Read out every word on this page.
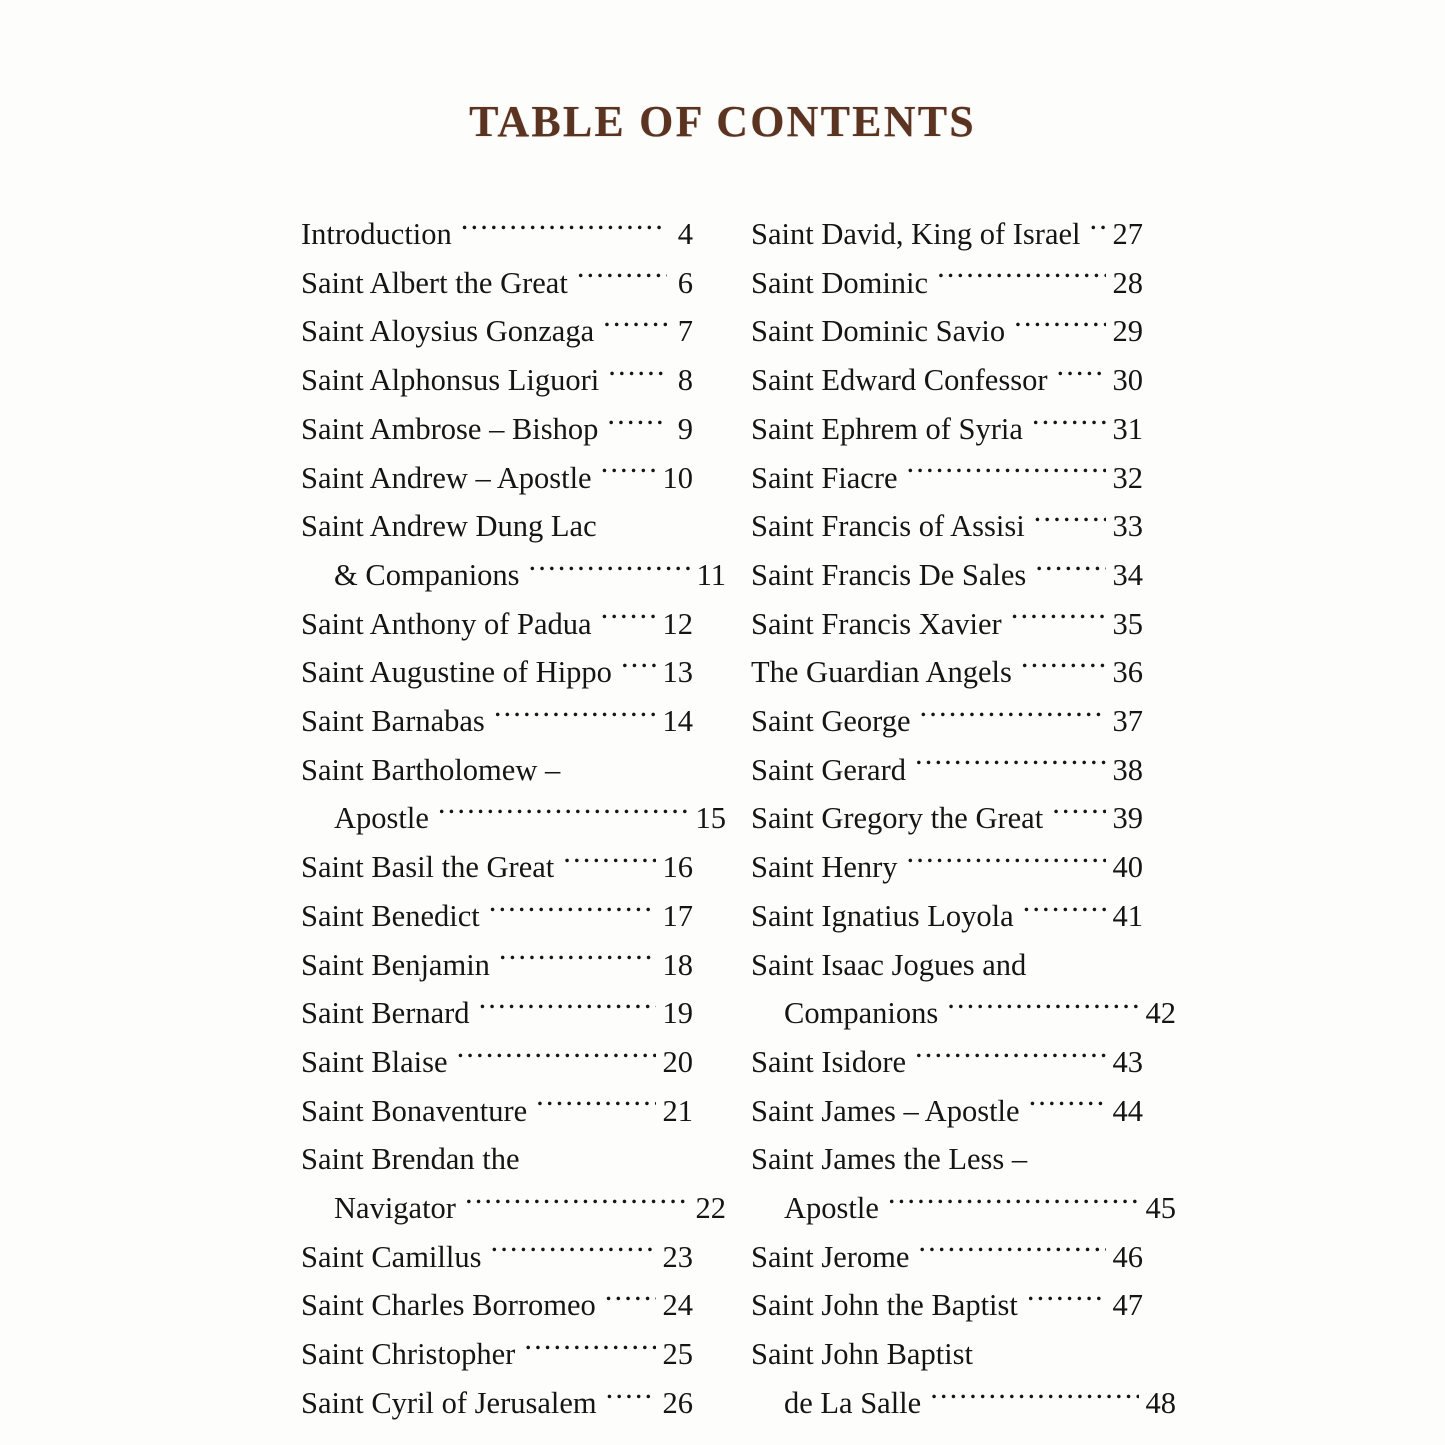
TABLE OF CONTENTS
Introduction .....	4
Saint Albert the Great .....	6
Saint Aloysius Gonzaga .....	7
Saint Alphonsus Liguori .....	8
Saint Ambrose – Bishop .....	9
Saint Andrew – Apostle ..... 10
Saint Andrew Dung Lac
& Companions .....	11
Saint Anthony of Padua ..... 12
Saint Augustine of Hippo ..... 13
Saint Barnabas .....	14
Saint Bartholomew –
Apostle .....	15
Saint Basil the Great .....	16
Saint Benedict .....	17
Saint Benjamin .....	18
Saint Bernard .....	19
Saint Blaise .....	20
Saint Bonaventure .....	21
Saint Brendan the
Navigator .....	22
Saint Camillus .....	23
Saint Charles Borromeo ..... 24
Saint Christopher .....	25
Saint Cyril of Jerusalem ..... 26
Saint David, King of Israel ..... 27
Saint Dominic .....	28
Saint Dominic Savio .....	29
Saint Edward Confessor ..... 30
Saint Ephrem of Syria .....	31
Saint Fiacre .....	32
Saint Francis of Assisi .....	33
Saint Francis De Sales .....	34
Saint Francis Xavier .....	35
The Guardian Angels .....	36
Saint George .....	37
Saint Gerard .....	38
Saint Gregory the Great ..... 39
Saint Henry .....	40
Saint Ignatius Loyola .....	41
Saint Isaac Jogues and
Companions .....	42
Saint Isidore .....	43
Saint James – Apostle .....	44
Saint James the Less –
Apostle .....	45
Saint Jerome .....	46
Saint John the Baptist .....	47
Saint John Baptist
de La Salle .....	48
